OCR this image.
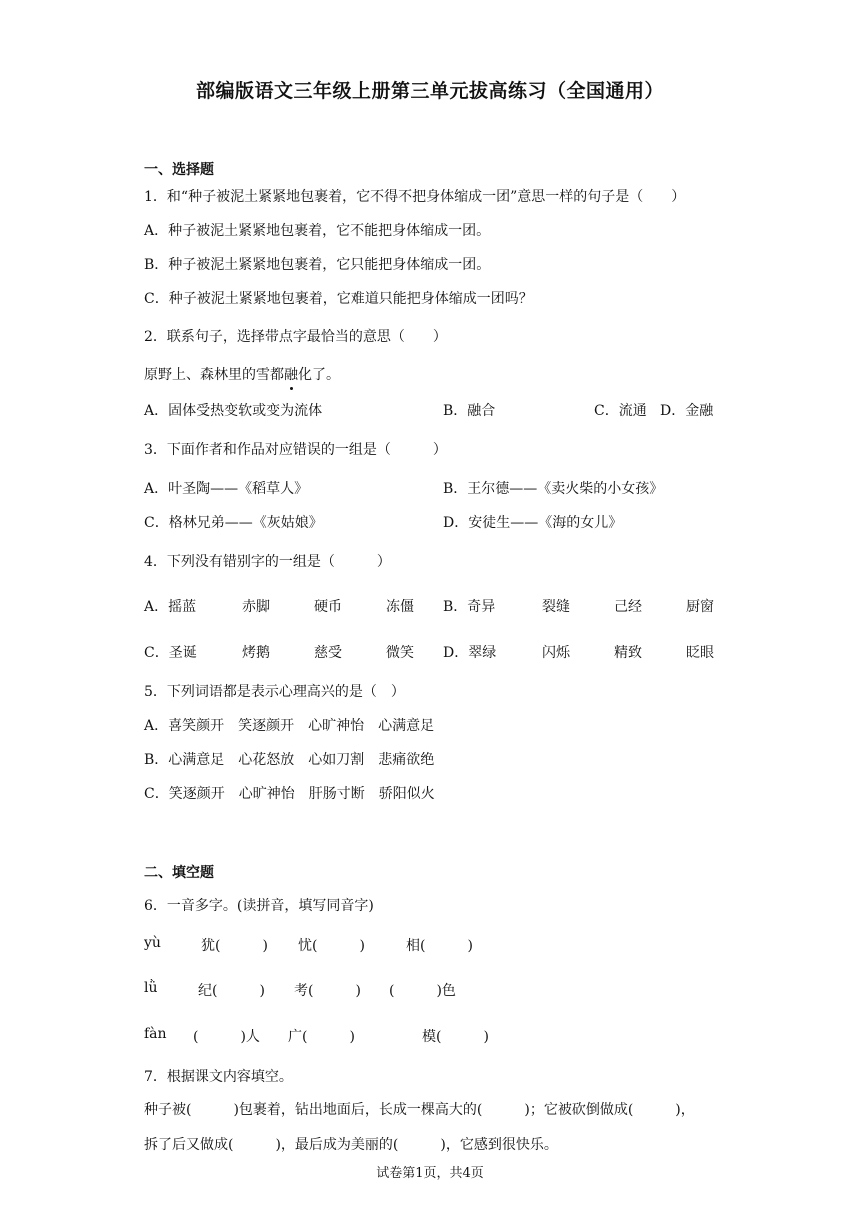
部编版语文三年级上册第三单元拔高练习（全国通用）
一、选择题
1．和“种子被泥土紧紧地包裹着，它不得不把身体缩成一团”意思一样的句子是（　　）
A．种子被泥土紧紧地包裹着，它不能把身体缩成一团。
B．种子被泥土紧紧地包裹着，它只能把身体缩成一团。
C．种子被泥土紧紧地包裹着，它难道只能把身体缩成一团吗？
2．联系句子，选择带点字最恰当的意思（　　）
原野上、森林里的雪都融化了。
A．固体受热变软或变为流体	B．融合	C．流通 D．金融
3．下面作者和作品对应错误的一组是（　　　）
A．叶圣陶——《稻草人》	B．王尔德——《卖火柴的小女孩》
C．格林兄弟——《灰姑娘》	D．安徒生——《海的女儿》
4．下列没有错别字的一组是（　　　）
A．摇蓝	赤脚	硬币	冻僵 B．奇异	裂缝	己经	厨窗
C．圣诞	烤鹅	慈受	微笑 D．翠绿	闪烁	精致	眨眼
5．下列词语都是表示心理高兴的是（　）
A．喜笑颜开　笑逐颜开　心旷神怡　心满意足
B．心满意足　心花怒放　心如刀割　悲痛欲绝
C．笑逐颜开　心旷神怡　肝肠寸断　骄阳似火
二、填空题
6．一音多字。(读拼音，填写同音字)
yù	犹(　　　) 忧(　　　)	相(　　　)
lǜ	纪(　　　) 考(　　　) (　　　)色
fàn (　　　)人 广(　　　)	模(　　　)
7．根据课文内容填空。
种子被(　　　)包裹着，钻出地面后，长成一棵高大的(　　　)；它被砍倒做成(　　　)，
拆了后又做成(　　　)，最后成为美丽的(　　　)，它感到很快乐。
试卷第1页，共4页
